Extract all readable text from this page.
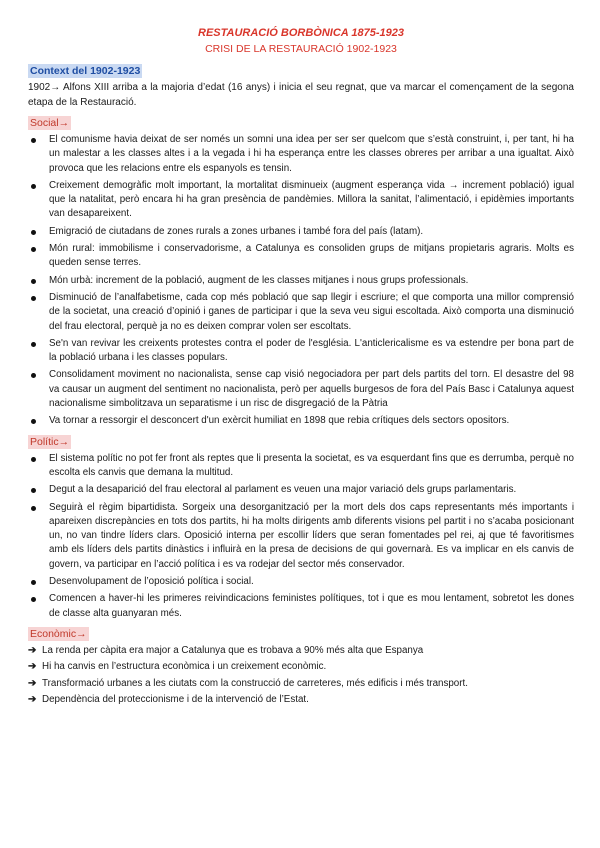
RESTAURACIÓ BORBÒNICA 1875-1923

CRISI DE LA RESTAURACIÓ 1902-1923

Context del 1902-1923

1902→ Alfons XIII arriba a la majoria d’edat (16 anys) i inicia el seu regnat, que va marcar el començament de la segona etapa de la Restauració.

Social→
El comunisme havia deixat de ser només un somni una idea per ser ser quelcom que s’està construint, i, per tant, hi ha un malestar a les classes altes i a la vegada i hi ha esperança entre les classes obreres per arribar a una igualtat. Això provoca que les relacions entre els espanyols es tensin.
Creixement demogràfic molt important, la mortalitat disminueix (augment esperança vida → increment població) igual que la natalitat, però encara hi ha gran presència de pandèmies. Millora la sanitat, l’alimentació, i epidèmies importants van desapareixent.
Emigració de ciutadans de zones rurals a zones urbanes i també fora del país (latam).
Món rural: immobilisme i conservadorisme, a Catalunya es consoliden grups de mitjans propietaris agraris. Molts es queden sense terres.
Món urbà: increment de la població, augment de les classes mitjanes i nous grups professionals.
Disminució de l’analfabetisme, cada cop més població que sap llegir i escriure; el que comporta una millor comprensió de la societat, una creació d’opinió i ganes de participar i que la seva veu sigui escoltada. Això comporta una disminució del frau electoral, perquè ja no es deixen comprar volen ser escoltats.
Se'n van revivar les creixents protestes contra el poder de l'església. L'anticlericalisme es va estendre per bona part de la població urbana i les classes populars.
Consolidament moviment no nacionalista, sense cap visió negociadora per part dels partits del torn. El desastre del 98 va causar un augment del sentiment no nacionalista, però per aquells burgesos de fora del País Basc i Catalunya aquest nacionalisme simbolitzava un separatisme i un risc de disgregació de la Pàtria
Va tornar a ressorgir el desconcert d'un exèrcit humiliat en 1898 que rebia crítiques dels sectors opositors.
Polític→
El sistema polític no pot fer front als reptes que li presenta la societat, es va esquerdant fins que es derrumba, perquè no escolta els canvis que demana la multitud.
Degut a la desaparició del frau electoral al parlament es veuen una major variació dels grups parlamentaris.
Seguirà el règim bipartidista. Sorgeix una desorganització per la mort dels dos caps representants més importants i apareixen discrepàncies en tots dos partits, hi ha molts dirigents amb diferents visions pel partit i no s’acaba posicionant un, no van tindre líders clars. Oposició interna per escollir líders que seran fomentades pel rei, aj que té favoritismes amb els líders dels partits dinàstics i influirà en la presa de decisions de qui governarà. Es va implicar en els canvis de govern, va participar en l’acció política i es va rodejar del sector més conservador.
Desenvolupament de l’oposició política i social.
Comencen a haver-hi les primeres reivindicacions feministes polítiques, tot i que es mou lentament, sobretot les dones de classe alta guanyaran més.
Econòmic→
➔ La renda per càpita era major a Catalunya que es trobava a 90% més alta que Espanya
➔ Hi ha canvis en l’estructura econòmica i un creixement econòmic.
➔ Transformació urbanes a les ciutats com la construcció de carreteres, més edificis i més transport.
➔ Dependència del proteccionisme i de la intervenció de l’Estat.
